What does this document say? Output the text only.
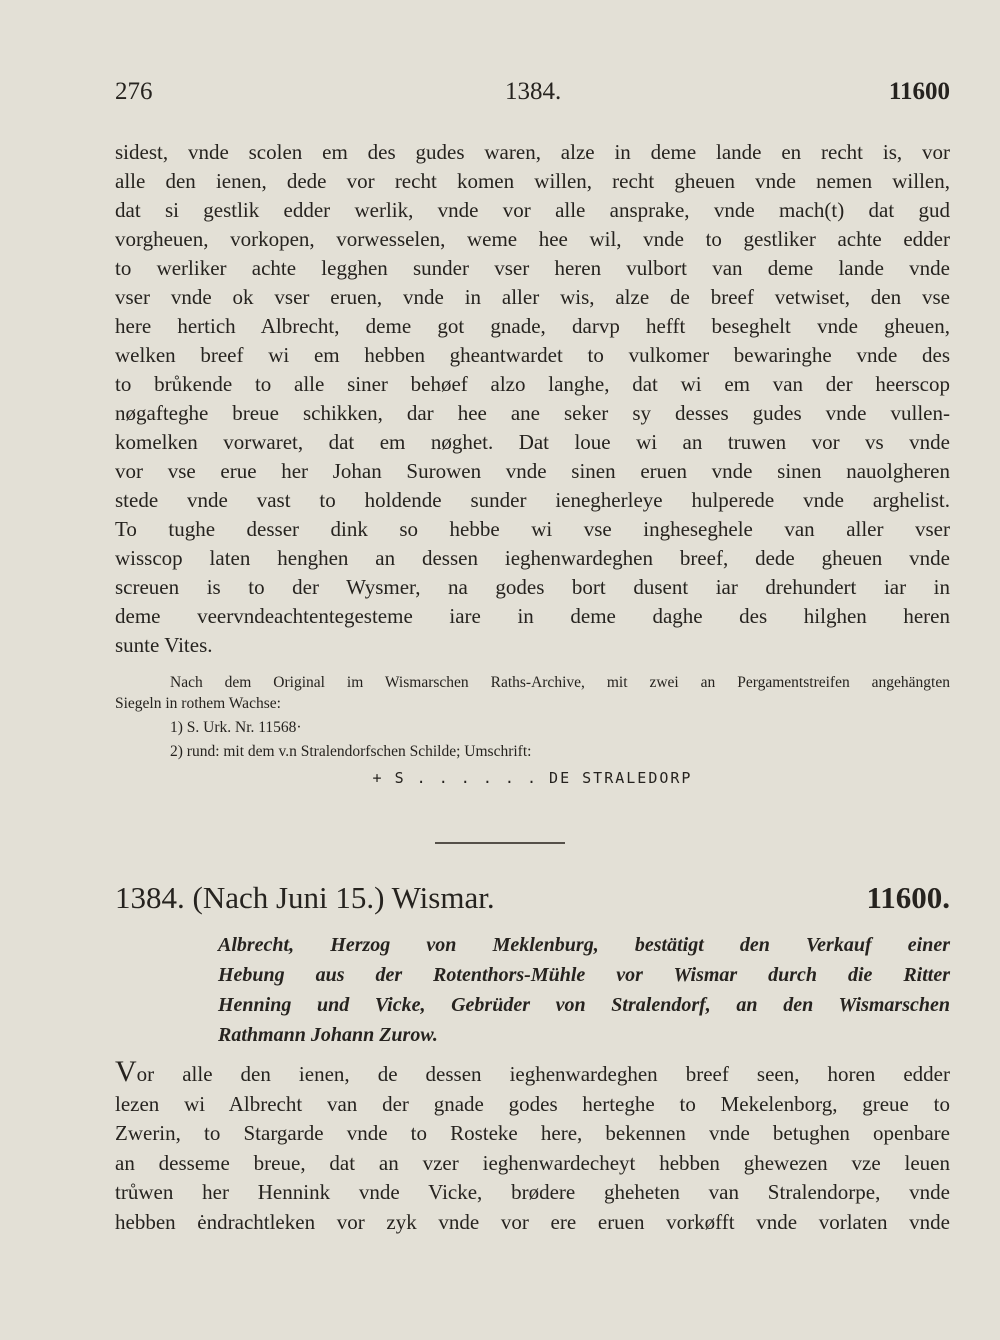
276	1384.	11600
sidest, vnde scolen em des gudes waren, alze in deme lande en recht is, vor
alle den ienen, dede vor recht komen willen, recht gheuen vnde nemen willen,
dat si gestlik edder werlik, vnde vor alle ansprake, vnde mach(t) dat gud
vorgheuen, vorkopen, vorwesselen, weme hee wil, vnde to gestliker achte edder
to werliker achte legghen sunder vser heren vulbort van deme lande vnde
vser vnde ok vser eruen, vnde in aller wis, alze de breef vetwiset, den vse
here hertich Albrecht, deme got gnade, darvp hefft beseghelt vnde gheuen,
welken breef wi em hebben gheantwardet to vulkomer bewaringhe vnde des
to brůkende to alle siner behøef alzo langhe, dat wi em van der heerscop
nøgafteghe breue schikken, dar hee ane seker sy desses gudes vnde vullen-
komelken vorwaret, dat em nøghet. Dat loue wi an truwen vor vs vnde
vor vse erue her Johan Surowen vnde sinen eruen vnde sinen nauolgheren
stede vnde vast to holdende sunder ienegherleye hulperede vnde arghelist.
To tughe desser dink so hebbe wi vse ingheseghele van aller vser
wisscop laten henghen an dessen ieghenwardeghen breef, dede gheuen vnde
screuen is to der Wysmer, na godes bort dusent iar drehundert iar in
deme veervndeachtentegesteme iare in deme daghe des hilghen heren
sunte Vites.
Nach dem Original im Wismarschen Raths-Archive, mit zwei an Pergamentstreifen angehängten
Siegeln in rothem Wachse:
1) S. Urk. Nr. 11568·
2) rund: mit dem v.n Stralendorfschen Schilde; Umschrift:
+ S . . . . . . DE STRALEDORP
1384. (Nach Juni 15.) Wismar.	11600.
Albrecht, Herzog von Meklenburg, bestätigt den Verkauf einer
Hebung aus der Rotenthors-Mühle vor Wismar durch die Ritter
Henning und Vicke, Gebrüder von Stralendorf, an den Wismarschen
Rathmann Johann Zurow.
Vor alle den ienen, de dessen ieghenwardeghen breef seen, horen edder
lezen wi Albrecht van der gnade godes herteghe to Mekelenborg, greue to
Zwerin, to Stargarde vnde to Rosteke here, bekennen vnde betughen openbare
an desseme breue, dat an vzer ieghenwardecheyt hebben ghewezen vze leuen
trůwen her Hennink vnde Vicke, brødere gheheten van Stralendorpe, vnde
hebben ėndrachtleken vor zyk vnde vor ere eruen vorkøfft vnde vorlaten vnde
